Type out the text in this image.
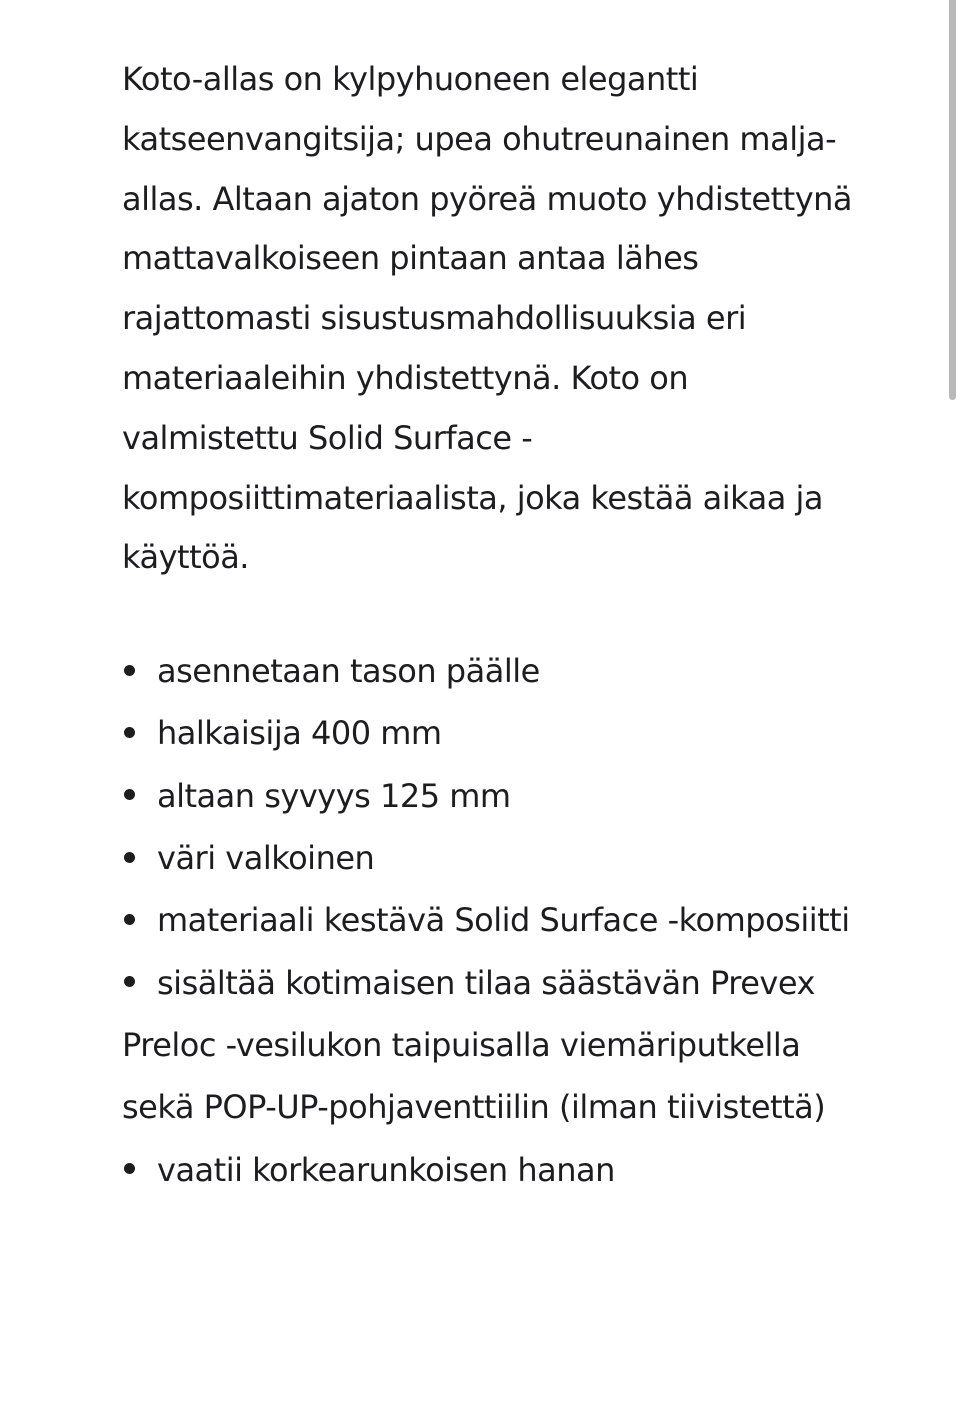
Koto-allas on kylpyhuoneen elegantti katseenvangitsija; upea ohutreunainen malja-allas. Altaan ajaton pyöreä muoto yhdistettynä mattavalkoiseen pintaan antaa lähes rajattomasti sisustusmahdollisuuksia eri materiaaleihin yhdistettynä. Koto on valmistettu Solid Surface -komposiittimateriaalista, joka kestää aikaa ja käyttöä.

asennetaan tason päälle
halkaisija 400 mm
altaan syvyys 125 mm
väri valkoinen
materiaali kestävä Solid Surface -komposiitti
sisältää kotimaisen tilaa säästävän Prevex Preloc -vesilukon taipuisalla viemäriputkella sekä POP-UP-pohjaventtiilin (ilman tiivistettä)
vaatii korkearunkoisen hanan
